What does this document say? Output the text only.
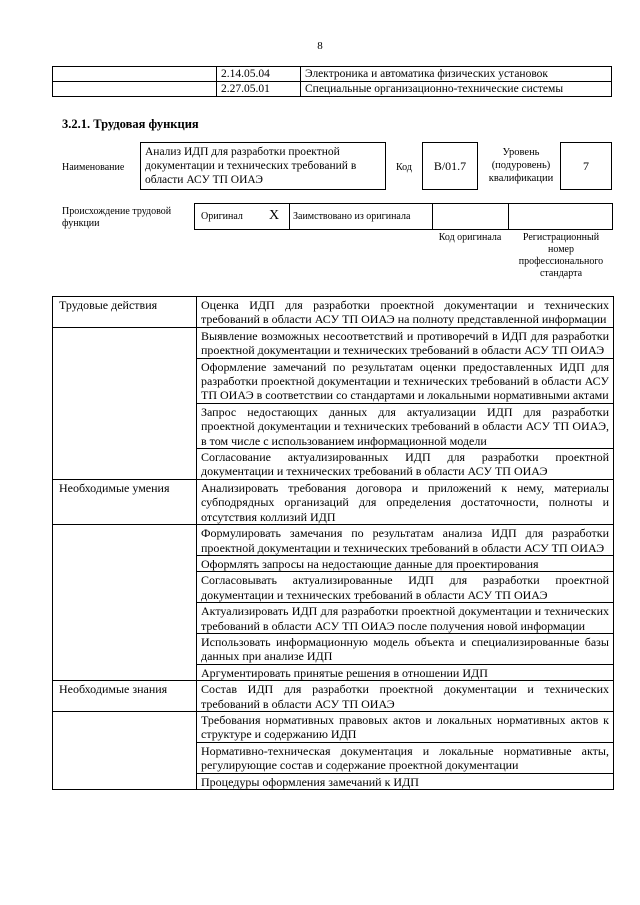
8
	2.14.05.04	Электроника и автоматика физических установок
	2.27.05.01	Специальные организационно-технические системы
3.2.1. Трудовая функция
Наименование
Анализ ИДП для разработки проектной документации и технических требований в области АСУ ТП ОИАЭ
Код	B/01.7
Уровень (подуровень) квалификации
7
Происхождение трудовой функции
Оригинал X Заимствовано из оригинала
Код оригинала	Регистрационный номер профессионального стандарта
Трудовые действия	Оценка ИДП для разработки проектной документации и технических требований в области АСУ ТП ОИАЭ на полноту представленной информации
	Выявление возможных несоответствий и противоречий в ИДП для разработки проектной документации и технических требований в области АСУ ТП ОИАЭ
	Оформление замечаний по результатам оценки предоставленных ИДП для разработки проектной документации и технических требований в области АСУ ТП ОИАЭ в соответствии со стандартами и локальными нормативными актами
	Запрос недостающих данных для актуализации ИДП для разработки проектной документации и технических требований в области АСУ ТП ОИАЭ, в том числе с использованием информационной модели
	Согласование актуализированных ИДП для разработки проектной документации и технических требований в области АСУ ТП ОИАЭ
Необходимые умения	Анализировать требования договора и приложений к нему, материалы субподрядных организаций для определения достаточности, полноты и отсутствия коллизий ИДП
	Формулировать замечания по результатам анализа ИДП для разработки проектной документации и технических требований в области АСУ ТП ОИАЭ
	Оформлять запросы на недостающие данные для проектирования
	Согласовывать актуализированные ИДП для разработки проектной документации и технических требований в области АСУ ТП ОИАЭ
	Актуализировать ИДП для разработки проектной документации и технических требований в области АСУ ТП ОИАЭ после получения новой информации
	Использовать информационную модель объекта и специализированные базы данных при анализе ИДП
	Аргументировать принятые решения в отношении ИДП
Необходимые знания	Состав ИДП для разработки проектной документации и технических требований в области АСУ ТП ОИАЭ
	Требования нормативных правовых актов и локальных нормативных актов к структуре и содержанию ИДП
	Нормативно-техническая документация и локальные нормативные акты, регулирующие состав и содержание проектной документации
	Процедуры оформления замечаний к ИДП
